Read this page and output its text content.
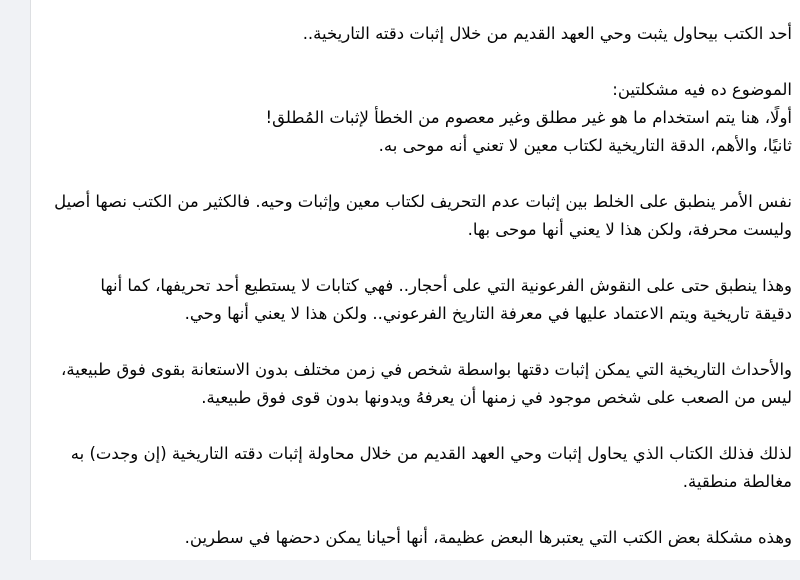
أحد الكتب بيحاول يثبت وحي العهد القديم من خلال إثبات دقته التاريخية..
الموضوع ده فيه مشكلتين:
أولًا، هنا يتم استخدام ما هو غير مطلق وغير معصوم من الخطأ لإثبات المُطلق!
ثانيًا، والأهم، الدقة التاريخية لكتاب معين لا تعني أنه موحى به.
نفس الأمر ينطبق على الخلط بين إثبات عدم التحريف لكتاب معين وإثبات وحيه. فالكثير من الكتب نصها أصيل
وليست محرفة، ولكن هذا لا يعني أنها موحى بها.
وهذا ينطبق حتى على النقوش الفرعونية التي على أحجار.. فهي كتابات لا يستطيع أحد تحريفها، كما أنها
دقيقة تاريخية ويتم الاعتماد عليها في معرفة التاريخ الفرعوني.. ولكن هذا لا يعني أنها وحي.
والأحداث التاريخية التي يمكن إثبات دقتها بواسطة شخص في زمن مختلف بدون الاستعانة بقوى فوق طبيعية،
ليس من الصعب على شخص موجود في زمنها أن يعرفهُ ويدونها بدون قوى فوق طبيعية.
لذلك فذلك الكتاب الذي يحاول إثبات وحي العهد القديم من خلال محاولة إثبات دقته التاريخية (إن وجدت) به
مغالطة منطقية.
وهذه مشكلة بعض الكتب التي يعتبرها البعض عظيمة، أنها أحيانا يمكن دحضها في سطرين.
